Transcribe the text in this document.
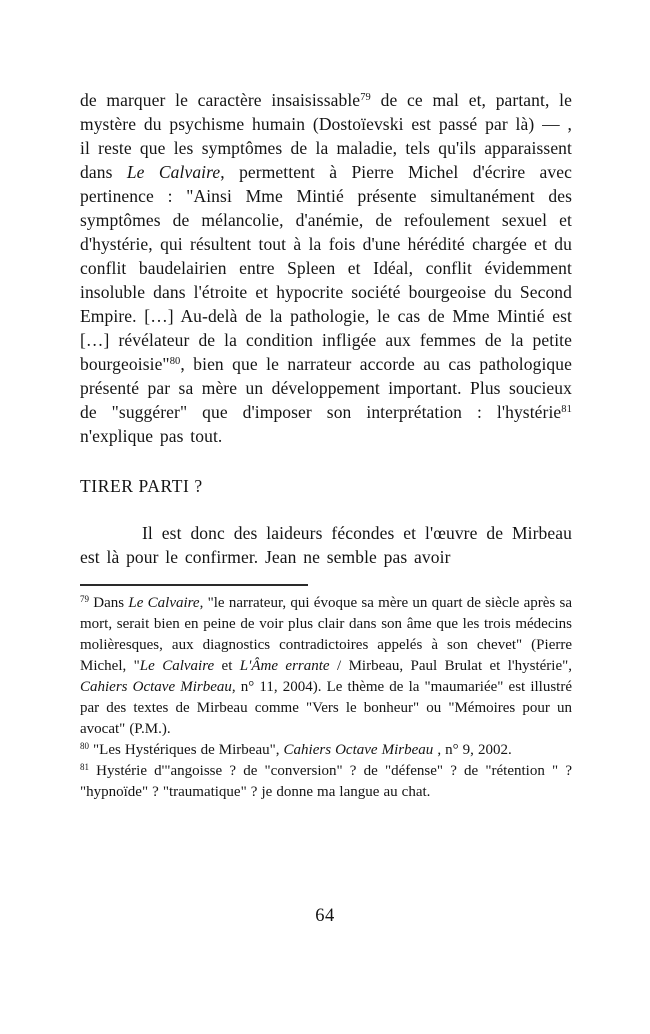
de marquer le caractère insaisissable$^{79}$ de ce mal et, partant, le mystère du psychisme humain (Dostoïevski est passé par là) — , il reste que les symptômes de la maladie, tels qu'ils apparaissent dans Le Calvaire, permettent à Pierre Michel d'écrire avec pertinence : "Ainsi Mme Mintié présente simultanément des symptômes de mélancolie, d'anémie, de refoulement sexuel et d'hystérie, qui résultent tout à la fois d'une hérédité chargée et du conflit baudelairien entre Spleen et Idéal, conflit évidemment insoluble dans l'étroite et hypocrite société bourgeoise du Second Empire. […] Au-delà de la pathologie, le cas de Mme Mintié est […] révélateur de la condition infligée aux femmes de la petite bourgeoisie"$^{80}$, bien que le narrateur accorde au cas pathologique présenté par sa mère un développement important. Plus soucieux de "suggérer" que d'imposer son interprétation : l'hystérie$^{81}$ n'explique pas tout.

TIRER PARTI ?

Il est donc des laideurs fécondes et l'œuvre de Mirbeau est là pour le confirmer. Jean ne semble pas avoir

$^{79}$ Dans Le Calvaire, "le narrateur, qui évoque sa mère un quart de siècle après sa mort, serait bien en peine de voir plus clair dans son âme que les trois médecins molièresques, aux diagnostics contradictoires appelés à son chevet" (Pierre Michel, "Le Calvaire et L'Âme errante / Mirbeau, Paul Brulat et l'hystérie", Cahiers Octave Mirbeau, n° 11, 2004). Le thème de la "maumariée" est illustré par des textes de Mirbeau comme "Vers le bonheur" ou "Mémoires pour un avocat" (P.M.).

$^{80}$ "Les Hystériques de Mirbeau", Cahiers Octave Mirbeau , n° 9, 2002.

$^{81}$ Hystérie d'"angoisse ? de "conversion" ? de "défense" ? de "rétention " ? "hypnoïde" ? "traumatique" ? je donne ma langue au chat.

64
